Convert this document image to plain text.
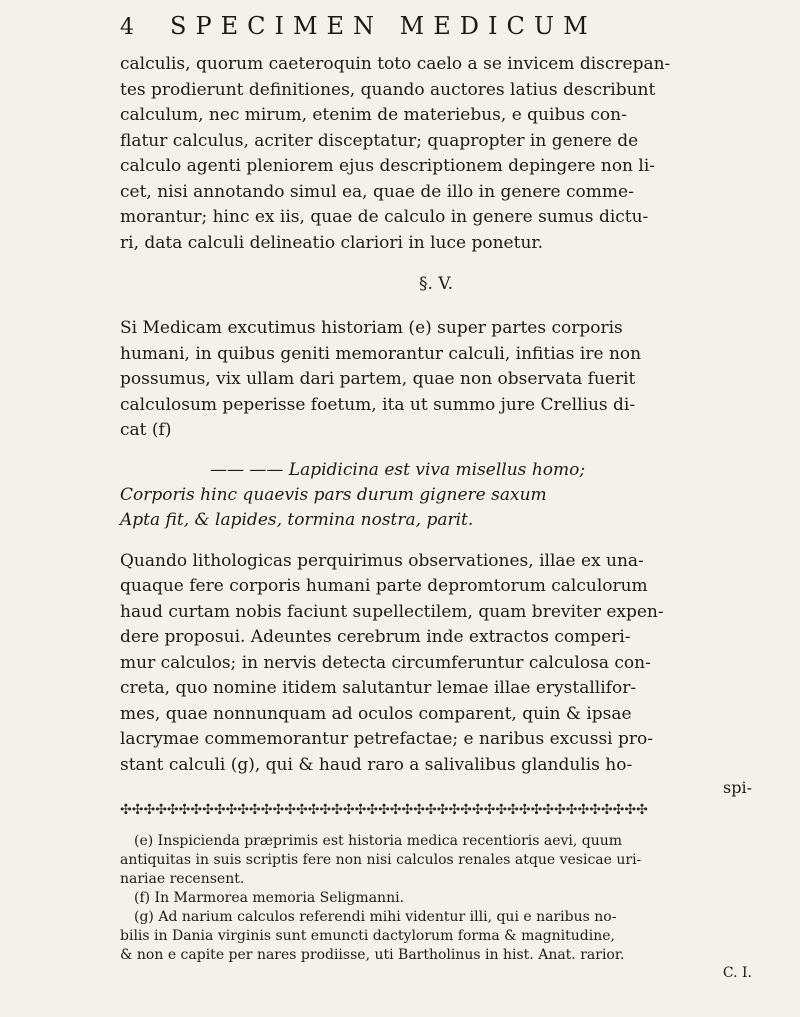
4	SPECIMEN MEDICUM
calculis, quorum caeteroquin toto caelo a se invicem discrepan-
tes prodierunt definitiones, quando auctores latius describunt
calculum, nec mirum, etenim de materiebus, e quibus con-
flatur calculus, acriter disceptatur; quapropter in genere de
calculo agenti pleniorem ejus descriptionem depingere non li-
cet, nisi annotando simul ea, quae de illo in genere comme-
morantur; hinc ex iis, quae de calculo in genere sumus dictu-
ri, data calculi delineatio clariori in luce ponetur.
§. V.
Si Medicam excutimus historiam (e) super partes corporis
humani, in quibus geniti memorantur calculi, infitias ire non
possumus, vix ullam dari partem, quae non observata fuerit
calculosum peperisse foetum, ita ut summo jure Crellius di-
cat (f)
—— —— Lapidicina est viva misellus homo;
Corporis hinc quaevis pars durum gignere saxum
Apta fit, & lapides, tormina nostra, parit.
Quando lithologicas perquirimus observationes, illae ex una-
quaque fere corporis humani parte depromtorum calculorum
haud curtam nobis faciunt supellectilem, quam breviter expen-
dere proposui. Adeuntes cerebrum inde extractos comperi-
mur calculos; in nervis detecta circumferuntur calculosa con-
creta, quo nomine itidem salutantur lemae illae erystallifor-
mes, quae nonnunquam ad oculos comparent, quin & ipsae
lacrymae commemorantur petrefactae; e naribus excussi pro-
stant calculi (g), qui & haud raro a salivalibus glandulis ho-
spi-
✣✣✣✣✣✣✣✣✣✣✣✣✣✣✣✣✣✣✣✣✣✣✣✣✣✣✣✣✣✣✣✣✣✣✣✣✣✣✣✣✣✣✣✣✣
(e) Inspicienda præprimis est historia medica recentioris aevi, quum
antiquitas in suis scriptis fere non nisi calculos renales atque vesicae uri-
nariae recensent.
(f) In Marmorea memoria Seligmanni.
(g) Ad narium calculos referendi mihi videntur illi, qui e naribus no-
bilis in Dania virginis sunt emuncti dactylorum forma & magnitudine,
& non e capite per nares prodiisse, uti Bartholinus in hist. Anat. rarior.
C. I.
